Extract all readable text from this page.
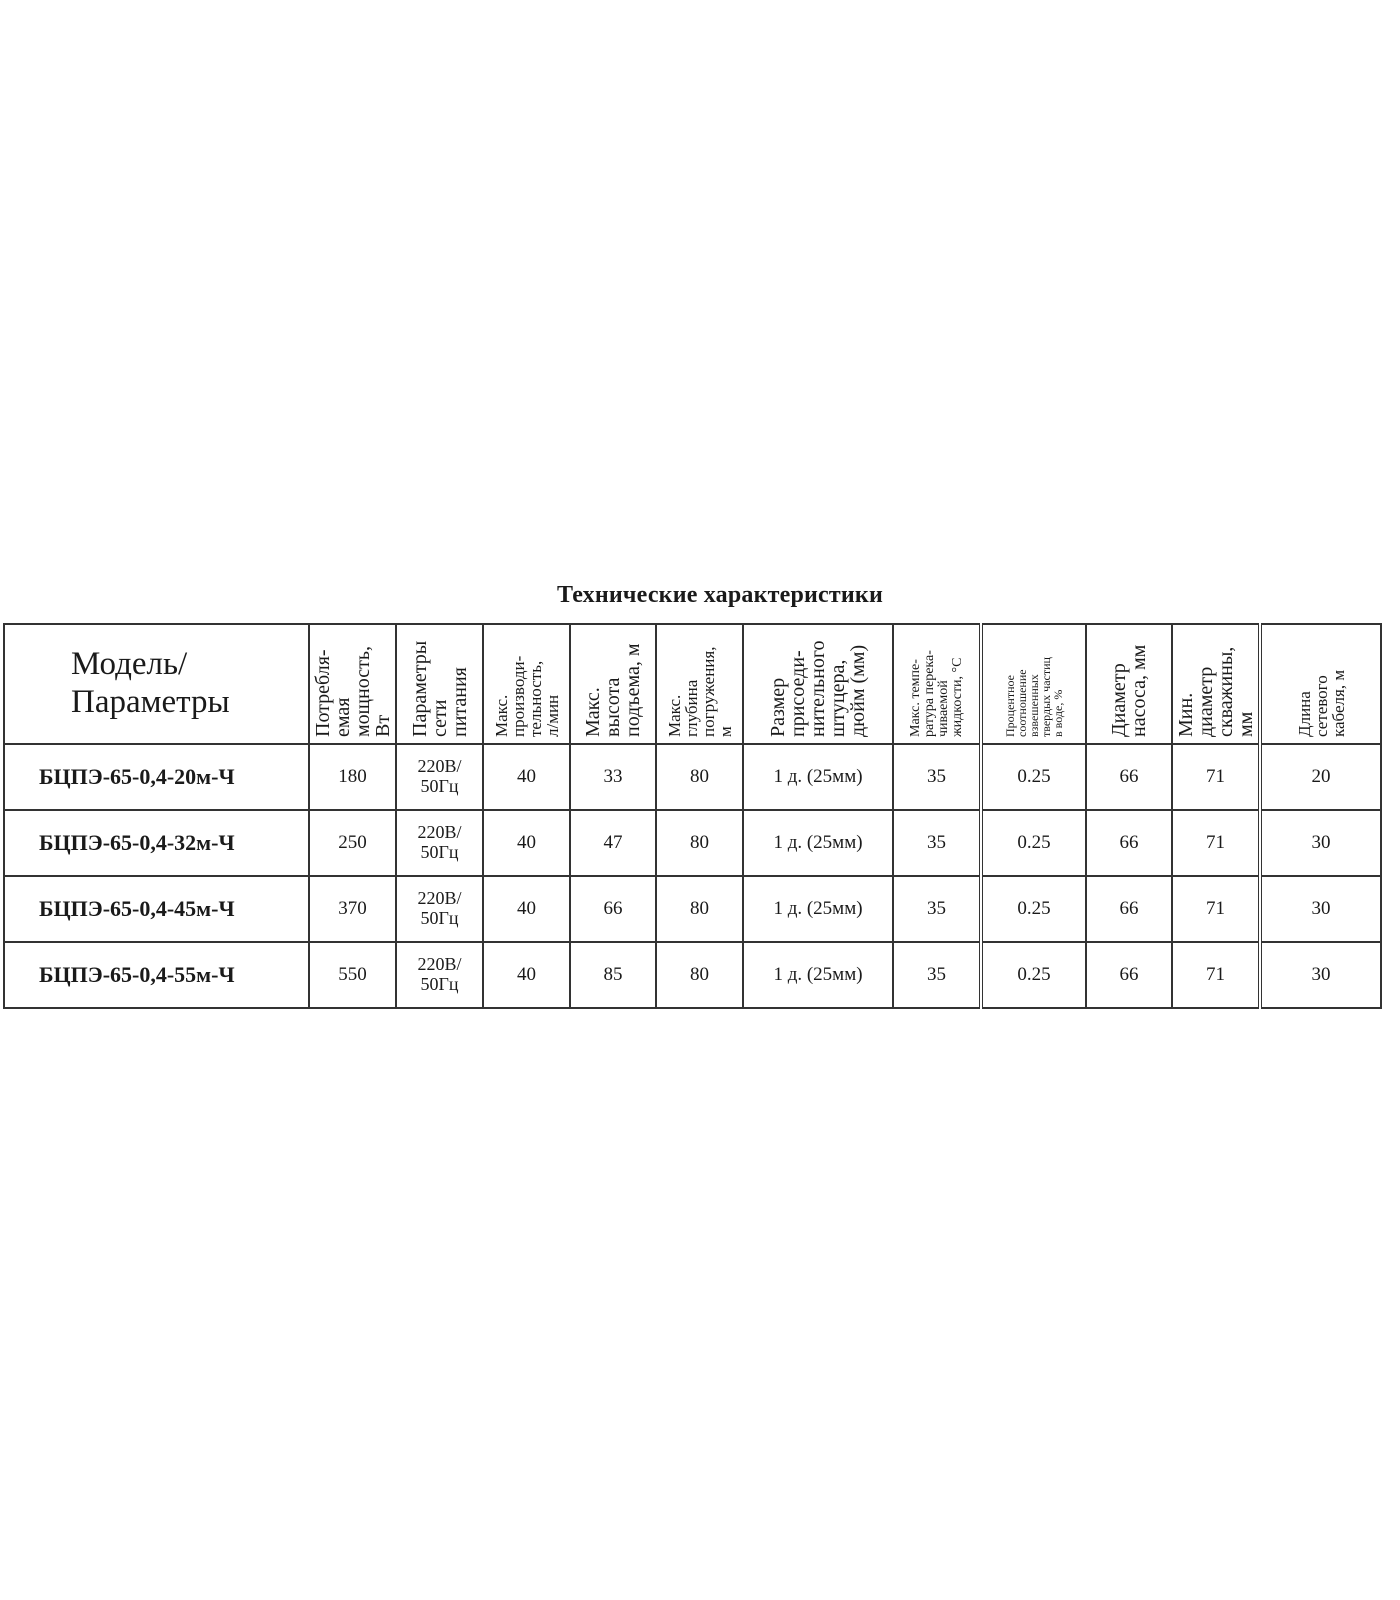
Технические характеристики
Модель/
Параметры	Потребля-
емая
мощность,
Вт	Параметры
сети
питания	Макс.
производи-
тельность,
л/мин	Макс.
высота
подъема, м	Макс.
глубина
погружения,
м	Размер
присоеди-
нительного
штуцера,
дюйм (мм)	Макс. темпе-
ратура перека-
чиваемой
жидкости, °С	Процентное
соотношение
взвешенных
твердых частиц
в воде, %	Диаметр
насоса, мм	Мин.
диаметр
скважины,
мм	Длина
сетевого
кабеля, м
БЦПЭ-65-0,4-20м-Ч	180	220В/
50Гц	40	33	80	1 д. (25мм)	35	0.25	66	71	20
БЦПЭ-65-0,4-32м-Ч	250	220В/
50Гц	40	47	80	1 д. (25мм)	35	0.25	66	71	30
БЦПЭ-65-0,4-45м-Ч	370	220В/
50Гц	40	66	80	1 д. (25мм)	35	0.25	66	71	30
БЦПЭ-65-0,4-55м-Ч	550	220В/
50Гц	40	85	80	1 д. (25мм)	35	0.25	66	71	30
